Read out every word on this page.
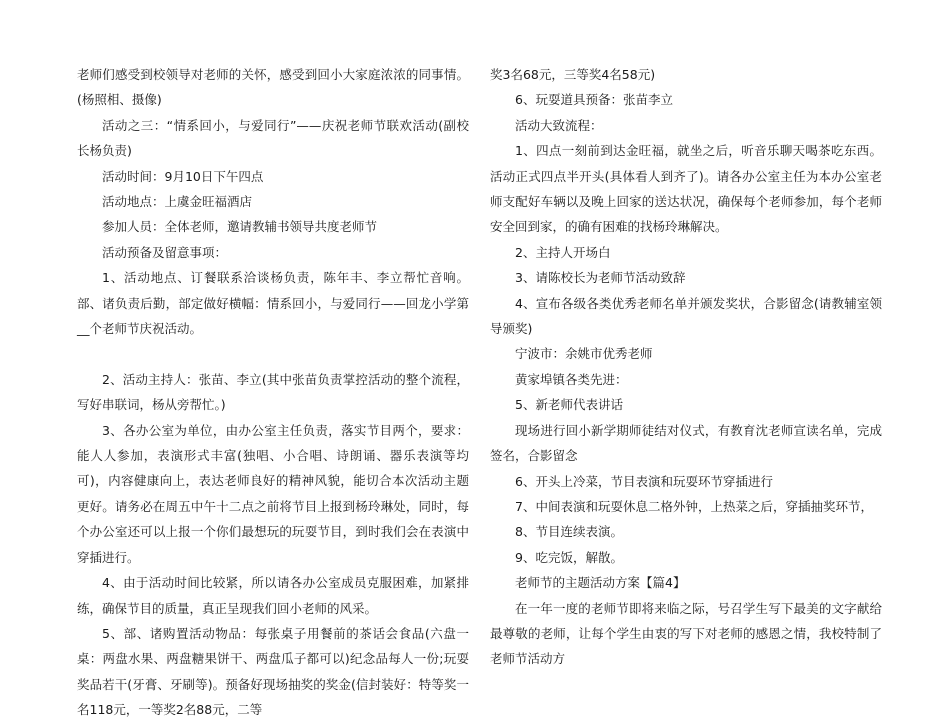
老师们感受到校领导对老师的关怀，感受到回小大家庭浓浓的同事情。(杨照相、摄像)

活动之三：“情系回小，与爱同行”——庆祝老师节联欢活动(副校长杨负责)

活动时间：9月10日下午四点

活动地点：上虞金旺福酒店

参加人员：全体老师，邀请教辅书领导共度老师节

活动预备及留意事项：

1、活动地点、订餐联系洽谈杨负责，陈年丰、李立帮忙音响。部、诸负责后勤，部定做好横幅：情系回小，与爱同行——回龙小学第__个老师节庆祝活动。

2、活动主持人：张苗、李立(其中张苗负责掌控活动的整个流程，写好串联词，杨从旁帮忙。)

3、各办公室为单位，由办公室主任负责，落实节目两个，要求：能人人参加，表演形式丰富(独唱、小合唱、诗朗诵、器乐表演等均可)，内容健康向上，表达老师良好的精神风貌，能切合本次活动主题更好。请务必在周五中午十二点之前将节目上报到杨玲琳处，同时，每个办公室还可以上报一个你们最想玩的玩耍节目，到时我们会在表演中穿插进行。

4、由于活动时间比较紧，所以请各办公室成员克服困难，加紧排练，确保节目的质量，真正呈现我们回小老师的风采。

5、部、诸购置活动物品：每张桌子用餐前的茶话会食品(六盘一桌：两盘水果、两盘糖果饼干、两盘瓜子都可以)纪念品每人一份;玩耍奖品若干(牙膏、牙刷等)。预备好现场抽奖的奖金(信封装好：特等奖一名118元，一等奖2名88元，二等

奖3名68元，三等奖4名58元)

6、玩耍道具预备：张苗李立

活动大致流程：

1、四点一刻前到达金旺福，就坐之后，听音乐聊天喝茶吃东西。活动正式四点半开头(具体看人到齐了)。请各办公室主任为本办公室老师支配好车辆以及晚上回家的送达状况，确保每个老师参加，每个老师安全回到家，的确有困难的找杨玲琳解决。

2、主持人开场白

3、请陈校长为老师节活动致辞

4、宣布各级各类优秀老师名单并颁发奖状，合影留念(请教辅室领导颁奖)

宁波市：余姚市优秀老师

黄家埠镇各类先进：

5、新老师代表讲话

现场进行回小新学期师徒结对仪式，有教育沈老师宣读名单，完成签名，合影留念

6、开头上冷菜，节目表演和玩耍环节穿插进行

7、中间表演和玩耍休息二格外钟，上热菜之后，穿插抽奖环节，

8、节目连续表演。

9、吃完饭，解散。

老师节的主题活动方案【篇4】

在一年一度的老师节即将来临之际，号召学生写下最美的文字献给最尊敬的老师，让每个学生由衷的写下对老师的感恩之情，我校特制了老师节活动方
